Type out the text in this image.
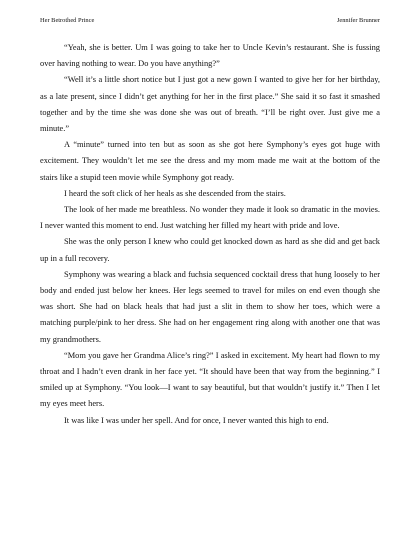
Her Betrothed Prince	Jennifer Brunner

“Yeah, she is better. Um I was going to take her to Uncle Kevin’s restaurant. She is fussing over having nothing to wear. Do you have anything?”

“Well it’s a little short notice but I just got a new gown I wanted to give her for her birthday, as a late present, since I didn’t get anything for her in the first place.” She said it so fast it smashed together and by the time she was done she was out of breath. “I’ll be right over. Just give me a minute.”

A “minute” turned into ten but as soon as she got here Symphony’s eyes got huge with excitement. They wouldn’t let me see the dress and my mom made me wait at the bottom of the stairs like a stupid teen movie while Symphony got ready.

I heard the soft click of her heals as she descended from the stairs.

The look of her made me breathless. No wonder they made it look so dramatic in the movies. I never wanted this moment to end. Just watching her filled my heart with pride and love.

She was the only person I knew who could get knocked down as hard as she did and get back up in a full recovery.

Symphony was wearing a black and fuchsia sequenced cocktail dress that hung loosely to her body and ended just below her knees. Her legs seemed to travel for miles on end even though she was short. She had on black heals that had just a slit in them to show her toes, which were a matching purple/pink to her dress. She had on her engagement ring along with another one that was my grandmothers.

“Mom you gave her Grandma Alice’s ring?” I asked in excitement. My heart had flown to my throat and I hadn’t even drank in her face yet. “It should have been that way from the beginning.” I smiled up at Symphony. “You look—I want to say beautiful, but that wouldn’t justify it.” Then I let my eyes meet hers.

It was like I was under her spell. And for once, I never wanted this high to end.
